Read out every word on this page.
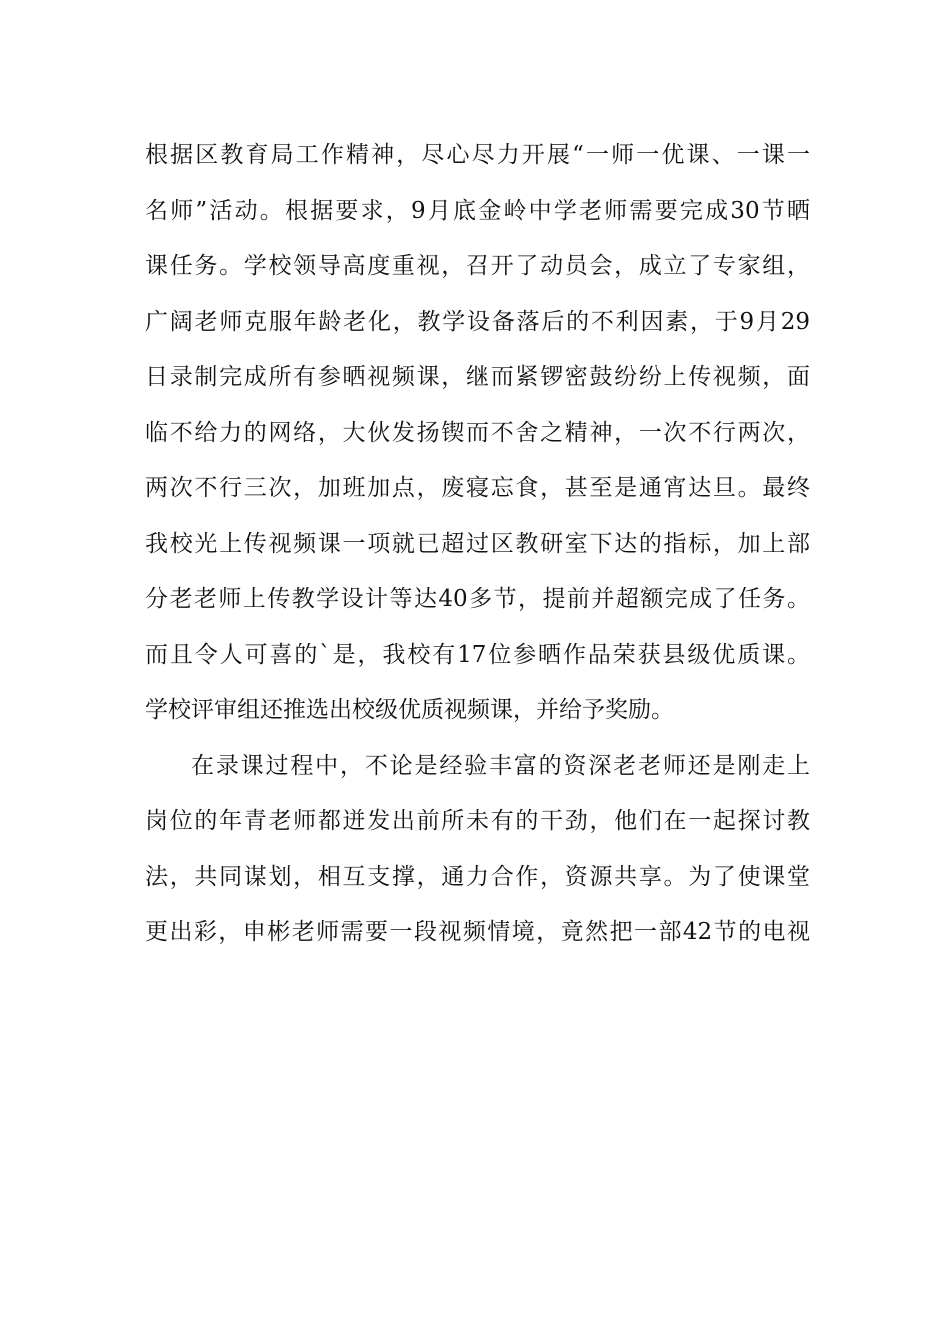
根据区教育局工作精神，尽心尽力开展“一师一优课、一课一
名师”活动。根据要求，9月底金岭中学老师需要完成30节晒
课任务。学校领导高度重视，召开了动员会，成立了专家组，
广阔老师克服年龄老化，教学设备落后的不利因素，于9月29
日录制完成所有参晒视频课，继而紧锣密鼓纷纷上传视频，面
临不给力的网络，大伙发扬锲而不舍之精神，一次不行两次，
两次不行三次，加班加点，废寝忘食，甚至是通宵达旦。最终
我校光上传视频课一项就已超过区教研室下达的指标，加上部
分老老师上传教学设计等达40多节，提前并超额完成了任务。
而且令人可喜的`是，我校有17位参晒作品荣获县级优质课。
学校评审组还推选出校级优质视频课，并给予奖励。
在录课过程中，不论是经验丰富的资深老老师还是刚走上
岗位的年青老师都迸发出前所未有的干劲，他们在一起探讨教
法，共同谋划，相互支撑，通力合作，资源共享。为了使课堂
更出彩，申彬老师需要一段视频情境，竟然把一部42节的电视
